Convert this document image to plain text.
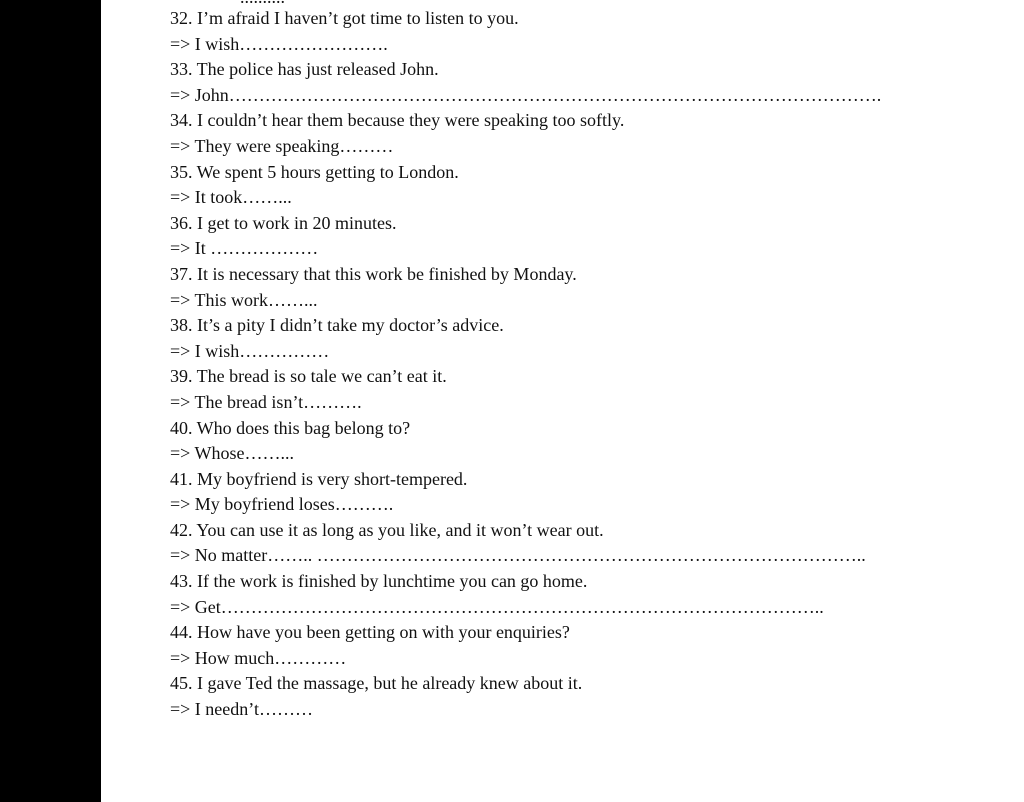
32. I’m afraid I haven’t got time to listen to you.
=> I wish…………………….
33. The police has just released John.
=> John……………………………………………………………………………………………….
34. I couldn’t hear them because they were speaking too softly.
=> They were speaking………
35. We spent 5 hours getting to London.
=> It took……...
36. I get to work in 20 minutes.
=> It ………………
37. It is necessary that this work be finished by Monday.
=> This work……...
38. It’s a pity I didn’t take my doctor’s advice.
=> I wish……………
39. The bread is so tale we can’t eat it.
=> The bread isn’t……….
40. Who does this bag belong to?
=> Whose……...
41. My boyfriend is very short-tempered.
=> My boyfriend loses……….
42. You can use it as long as you like, and it won’t wear out.
=> No matter…….. ………………………………………………………………………………..
43. If the work is finished by lunchtime you can go home.
=> Get………………………………………………………………………………………..
44. How have you been getting on with your enquiries?
=> How much…………
45. I gave Ted the massage, but he already knew about it.
=> I needn’t………
